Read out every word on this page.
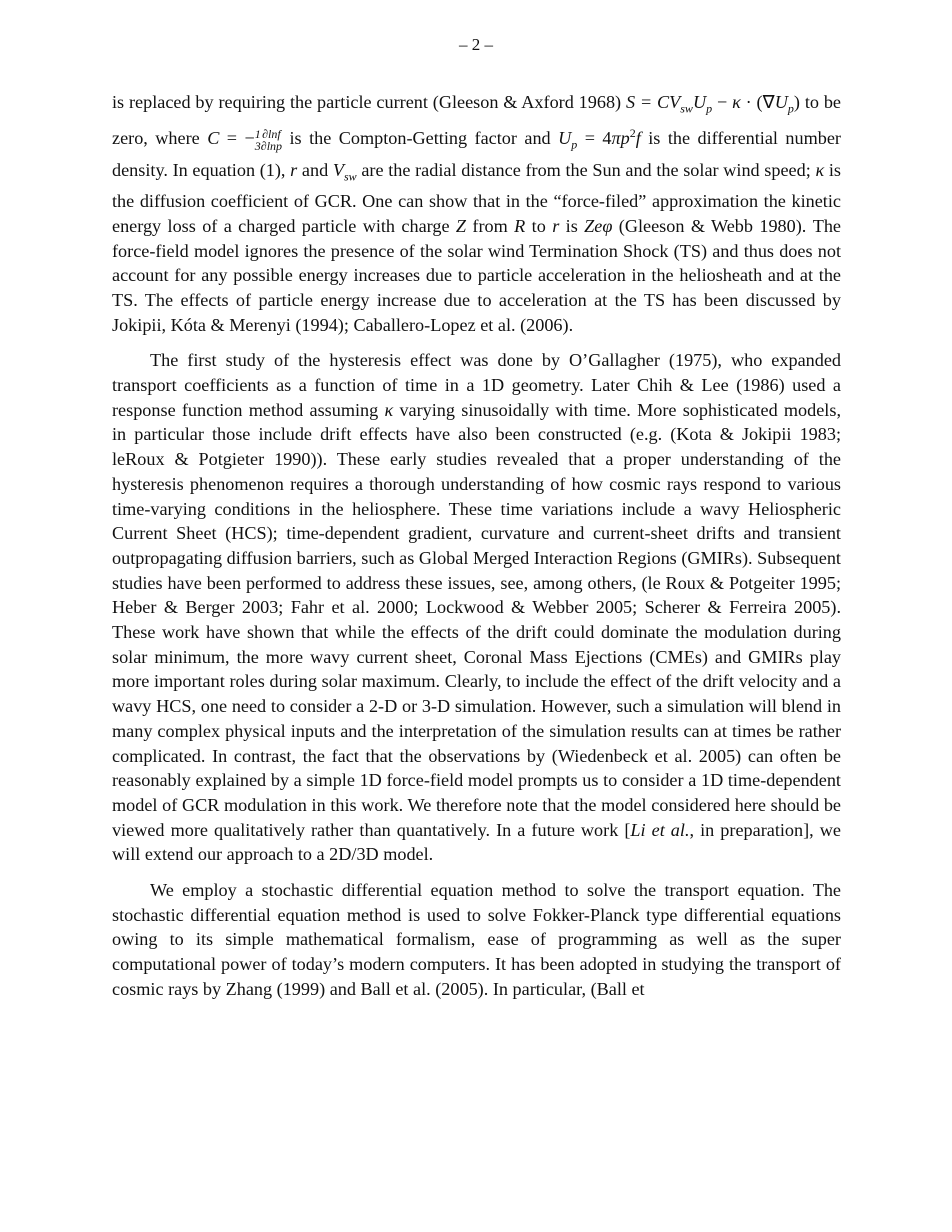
– 2 –

is replaced by requiring the particle current (Gleeson & Axford 1968) $S = CV_{sw}U_p - \kappa \cdot (\nabla U_p)$ to be zero, where C = − 1
3
∂lnf
∂lnp is the Compton-Getting factor and $U_p = 4\pi p^2f$ is the differential number density. In equation (1), r and $V_{sw}$ are the radial distance from the Sun and the solar wind speed; κ is the diffusion coefficient of GCR. One can show that in the “force-filed” approximation the kinetic energy loss of a charged particle with charge Z from R to r is Zeφ (Gleeson & Webb 1980). The force-field model ignores the presence of the solar wind Termination Shock (TS) and thus does not account for any possible energy increases due to particle acceleration in the heliosheath and at the TS. The effects of particle energy increase due to acceleration at the TS has been discussed by Jokipii, Kóta & Merenyi (1994); Caballero-Lopez et al. (2006).

The first study of the hysteresis effect was done by O’Gallagher (1975), who expanded transport coefficients as a function of time in a 1D geometry. Later Chih & Lee (1986) used a response function method assuming κ varying sinusoidally with time. More sophisticated models, in particular those include drift effects have also been constructed (e.g. (Kota & Jokipii 1983; leRoux & Potgieter 1990)). These early studies revealed that a proper understanding of the hysteresis phenomenon requires a thorough understanding of how cosmic rays respond to various time-varying conditions in the heliosphere. These time variations include a wavy Heliospheric Current Sheet (HCS); time-dependent gradient, curvature and current-sheet drifts and transient outpropagating diffusion barriers, such as Global Merged Interaction Regions (GMIRs). Subsequent studies have been performed to address these issues, see, among others, (le Roux & Potgeiter 1995; Heber & Berger 2003; Fahr et al. 2000; Lockwood & Webber 2005; Scherer & Ferreira 2005). These work have shown that while the effects of the drift could dominate the modulation during solar minimum, the more wavy current sheet, Coronal Mass Ejections (CMEs) and GMIRs play more important roles during solar maximum. Clearly, to include the effect of the drift velocity and a wavy HCS, one need to consider a 2-D or 3-D simulation. However, such a simulation will blend in many complex physical inputs and the interpretation of the simulation results can at times be rather complicated. In contrast, the fact that the observations by (Wiedenbeck et al. 2005) can often be reasonably explained by a simple 1D force-field model prompts us to consider a 1D time-dependent model of GCR modulation in this work. We therefore note that the model considered here should be viewed more qualitatively rather than quantatively. In a future work [Li et al., in preparation], we will extend our approach to a 2D/3D model.

We employ a stochastic differential equation method to solve the transport equation. The stochastic differential equation method is used to solve Fokker-Planck type differential equations owing to its simple mathematical formalism, ease of programming as well as the super computational power of today’s modern computers. It has been adopted in studying the transport of cosmic rays by Zhang (1999) and Ball et al. (2005). In particular, (Ball et
